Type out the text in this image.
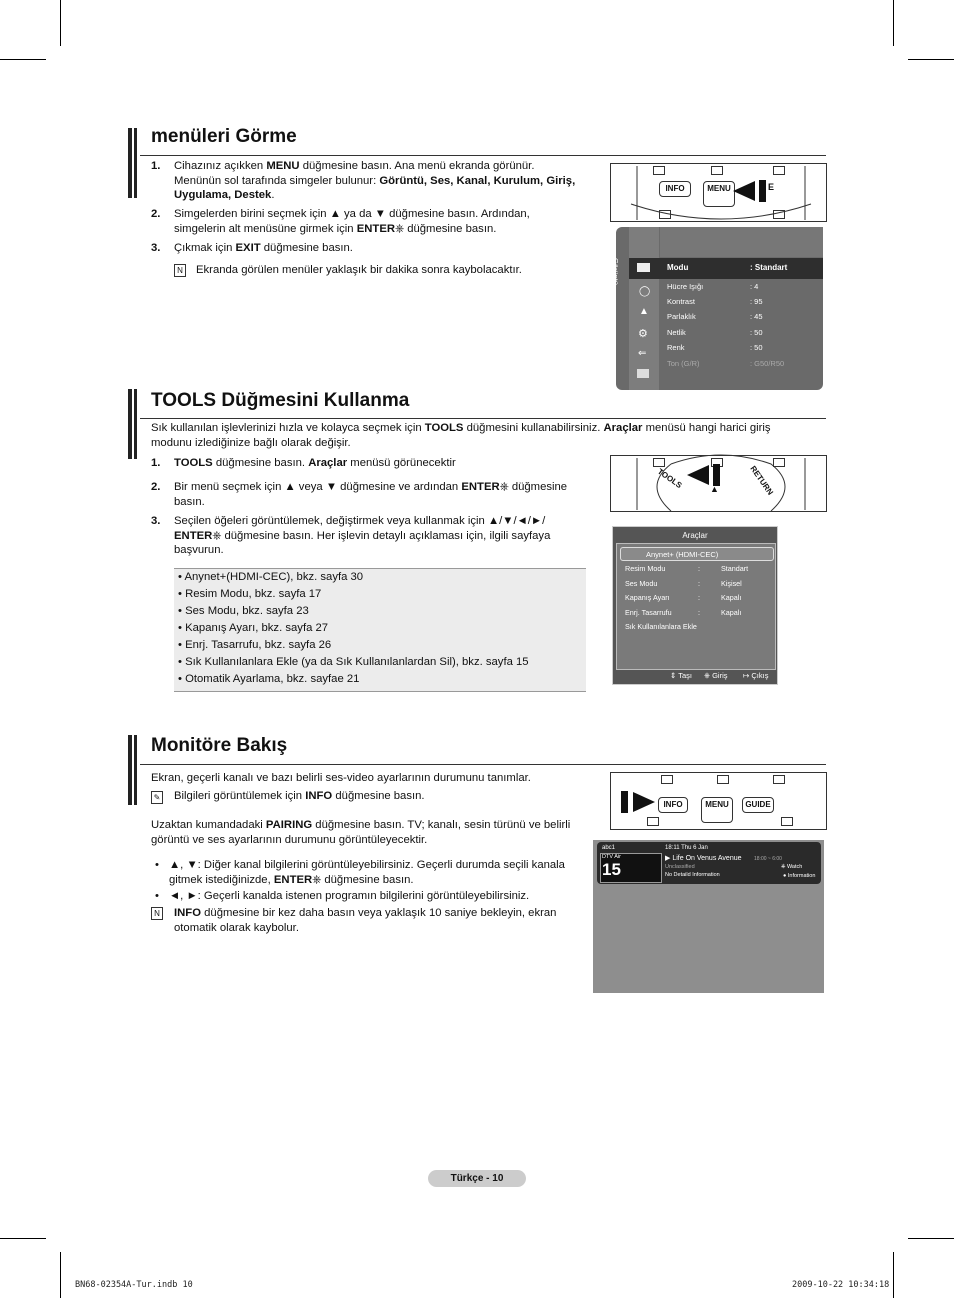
menüleri Görme
1. Cihazınız açıkken MENU düğmesine basın. Ana menü ekranda görünür.
Menünün sol tarafında simgeler bulunur: Görüntü, Ses, Kanal, Kurulum, Giriş,
Uygulama, Destek.
2. Simgelerden birini seçmek için ▲ ya da ▼ düğmesine basın. Ardından,
simgelerin alt menüsüne girmek için ENTER⎈ düğmesine basın.
3. Çıkmak için EXIT düğmesine basın.
N Ekranda görülen menüler yaklaşık bir dakika sonra kaybolacaktır.
INFO	MENU	E
Görüntü
◯
▲
⚙
⇐
Modu	: Standart
Hücre Işığı	: 4
Kontrast	: 95
Parlaklık	: 45
Netlik	: 50
Renk	: 50
Ton (G/R)	: G50/R50
TOOLS Düğmesini Kullanma
Sık kullanılan işlevlerinizi hızla ve kolayca seçmek için TOOLS düğmesini kullanabilirsiniz. Araçlar menüsü hangi harici giriş
modunu izlediğinize bağlı olarak değişir.
1. TOOLS düğmesine basın. Araçlar menüsü görünecektir
2. Bir menü seçmek için ▲ veya ▼ düğmesine ve ardından ENTER⎈ düğmesine
basın.
3. Seçilen öğeleri görüntülemek, değiştirmek veya kullanmak için ▲/▼/◄/►/
ENTER⎈ düğmesine basın. Her işlevin detaylı açıklaması için, ilgili sayfaya
başvurun.
• Anynet+(HDMI-CEC), bkz. sayfa 30
• Resim Modu, bkz. sayfa 17
• Ses Modu, bkz. sayfa 23
• Kapanış Ayarı, bkz. sayfa 27
• Enrj. Tasarrufu, bkz. sayfa 26
• Sık Kullanılanlara Ekle (ya da Sık Kullanılanlardan Sil), bkz. sayfa 15
• Otomatik Ayarlama, bkz. sayfae 21
TOOLS	▲	RETURN
Araçlar
Anynet+ (HDMI-CEC)
Resim Modu	:	Standart
Ses Modu	:	Kişisel
Kapanış Ayarı	:	Kapalı
Enrj. Tasarrufu	:	Kapalı
Sık Kullanılanlara Ekle
⇕ Taşı ⎈ Giriş ↦ Çıkış
Monitöre Bakış
Ekran, geçerli kanalı ve bazı belirli ses-video ayarlarının durumunu tanımlar.
✎ Bilgileri görüntülemek için INFO düğmesine basın.
Uzaktan kumandadaki PAIRING düğmesine basın. TV; kanalı, sesin türünü ve belirli
görüntü ve ses ayarlarının durumunu görüntüleyecektir.
• ▲, ▼: Diğer kanal bilgilerini görüntüleyebilirsiniz. Geçerli durumda seçili kanala
gitmek istediğinizde, ENTER⎈ düğmesine basın.
• ◄, ►: Geçerli kanalda istenen programın bilgilerini görüntüleyebilirsiniz.
N INFO düğmesine bir kez daha basın veya yaklaşık 10 saniye bekleyin, ekran
otomatik olarak kaybolur.
INFO	MENU	GUIDE
abc1	18:11 Thu 6 Jan
DTV Air
15
▶ Life On Venus Avenue
Unclassified
No Detaild Information
18:00 ~ 6:00
⎈ Watch
● Information
Türkçe - 10
BN68-02354A-Tur.indb 10	2009-10-22 10:34:18
